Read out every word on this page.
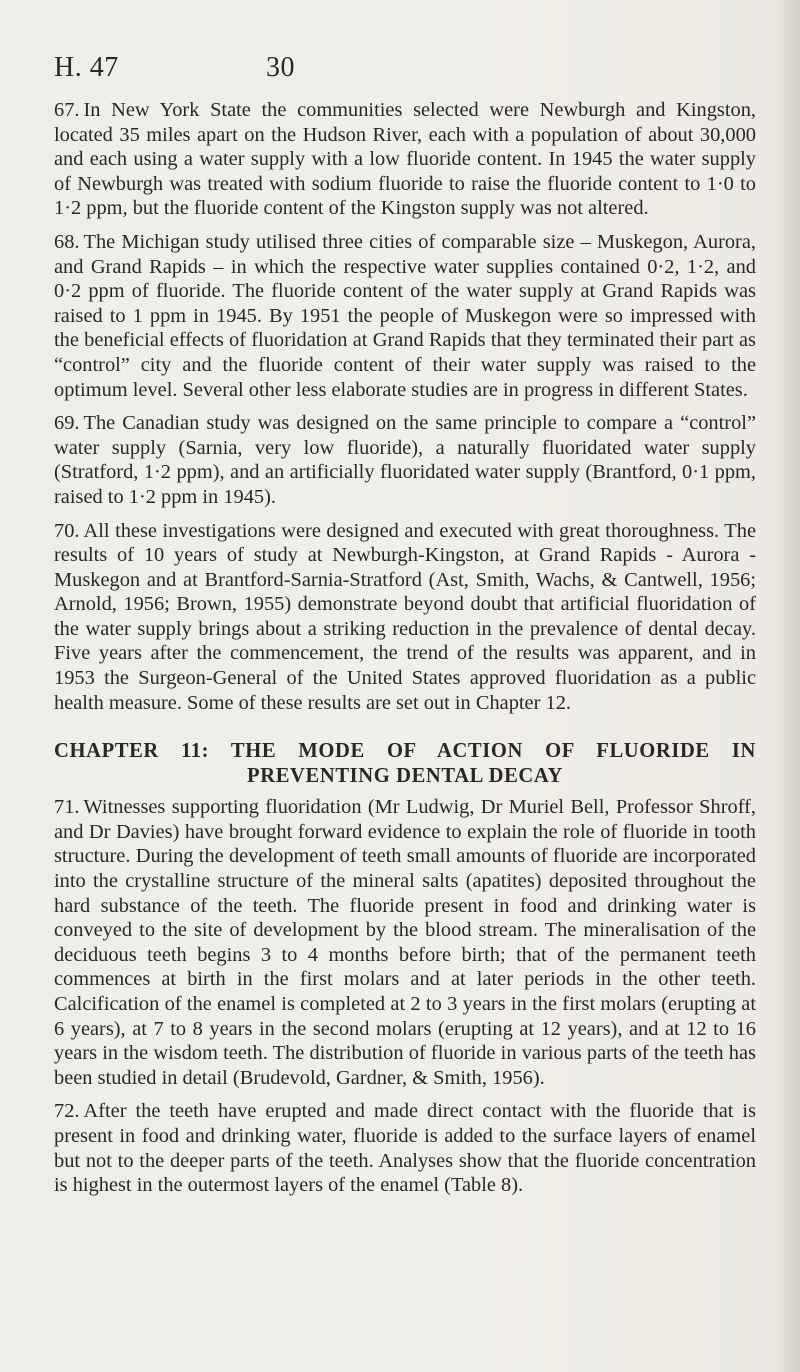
H. 47	30

67. In New York State the communities selected were Newburgh and Kingston, located 35 miles apart on the Hudson River, each with a population of about 30,000 and each using a water supply with a low fluoride content. In 1945 the water supply of Newburgh was treated with sodium fluoride to raise the fluoride content to 1·0 to 1·2 ppm, but the fluoride content of the Kingston supply was not altered.

68. The Michigan study utilised three cities of comparable size – Muskegon, Aurora, and Grand Rapids – in which the respective water supplies contained 0·2, 1·2, and 0·2 ppm of fluoride. The fluoride content of the water supply at Grand Rapids was raised to 1 ppm in 1945. By 1951 the people of Muskegon were so impressed with the beneficial effects of fluoridation at Grand Rapids that they terminated their part as “control” city and the fluoride content of their water supply was raised to the optimum level. Several other less elaborate studies are in progress in different States.

69. The Canadian study was designed on the same principle to compare a “control” water supply (Sarnia, very low fluoride), a naturally fluoridated water supply (Stratford, 1·2 ppm), and an artificially fluoridated water supply (Brantford, 0·1 ppm, raised to 1·2 ppm in 1945).

70. All these investigations were designed and executed with great thoroughness. The results of 10 years of study at Newburgh-Kingston, at Grand Rapids - Aurora - Muskegon and at Brantford-Sarnia-Stratford (Ast, Smith, Wachs, & Cantwell, 1956; Arnold, 1956; Brown, 1955) demonstrate beyond doubt that artificial fluoridation of the water supply brings about a striking reduction in the prevalence of dental decay. Five years after the commencement, the trend of the results was apparent, and in 1953 the Surgeon-General of the United States approved fluoridation as a public health measure. Some of these results are set out in Chapter 12.

CHAPTER 11: THE MODE OF ACTION OF FLUORIDE IN
PREVENTING DENTAL DECAY

71. Witnesses supporting fluoridation (Mr Ludwig, Dr Muriel Bell, Professor Shroff, and Dr Davies) have brought forward evidence to explain the role of fluoride in tooth structure. During the development of teeth small amounts of fluoride are incorporated into the crystalline structure of the mineral salts (apatites) deposited throughout the hard substance of the teeth. The fluoride present in food and drinking water is conveyed to the site of development by the blood stream. The mineralisation of the deciduous teeth begins 3 to 4 months before birth; that of the permanent teeth commences at birth in the first molars and at later periods in the other teeth. Calcification of the enamel is completed at 2 to 3 years in the first molars (erupting at 6 years), at 7 to 8 years in the second molars (erupting at 12 years), and at 12 to 16 years in the wisdom teeth. The distribution of fluoride in various parts of the teeth has been studied in detail (Brudevold, Gardner, & Smith, 1956).

72. After the teeth have erupted and made direct contact with the fluoride that is present in food and drinking water, fluoride is added to the surface layers of enamel but not to the deeper parts of the teeth. Analyses show that the fluoride concentration is highest in the outermost layers of the enamel (Table 8).
